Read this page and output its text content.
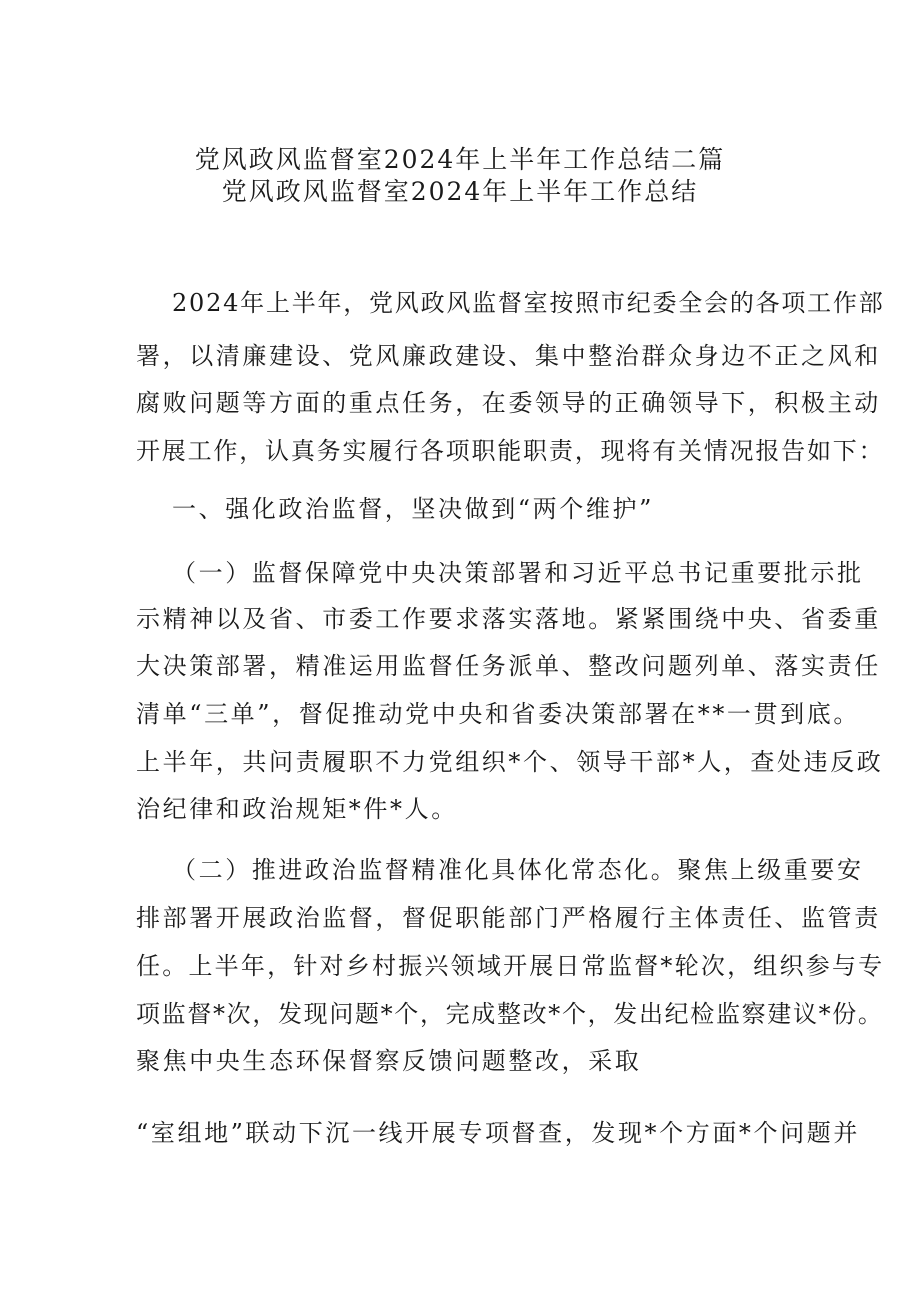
党风政风监督室2024年上半年工作总结二篇
党风政风监督室2024年上半年工作总结
2024年上半年，党风政风监督室按照市纪委全会的各项工作部
署，以清廉建设、党风廉政建设、集中整治群众身边不正之风和
腐败问题等方面的重点任务，在委领导的正确领导下，积极主动
开展工作，认真务实履行各项职能职责，现将有关情况报告如下：
一、强化政治监督，坚决做到“两个维护”
（一）监督保障党中央决策部署和习近平总书记重要批示批
示精神以及省、市委工作要求落实落地。紧紧围绕中央、省委重
大决策部署，精准运用监督任务派单、整改问题列单、落实责任
清单“三单”，督促推动党中央和省委决策部署在**一贯到底。
上半年，共问责履职不力党组织*个、领导干部*人，查处违反政
治纪律和政治规矩*件*人。
（二）推进政治监督精准化具体化常态化。聚焦上级重要安
排部署开展政治监督，督促职能部门严格履行主体责任、监管责
任。上半年，针对乡村振兴领域开展日常监督*轮次，组织参与专
项监督*次，发现问题*个，完成整改*个，发出纪检监察建议*份。
聚焦中央生态环保督察反馈问题整改，采取
“室组地”联动下沉一线开展专项督查，发现*个方面*个问题并
